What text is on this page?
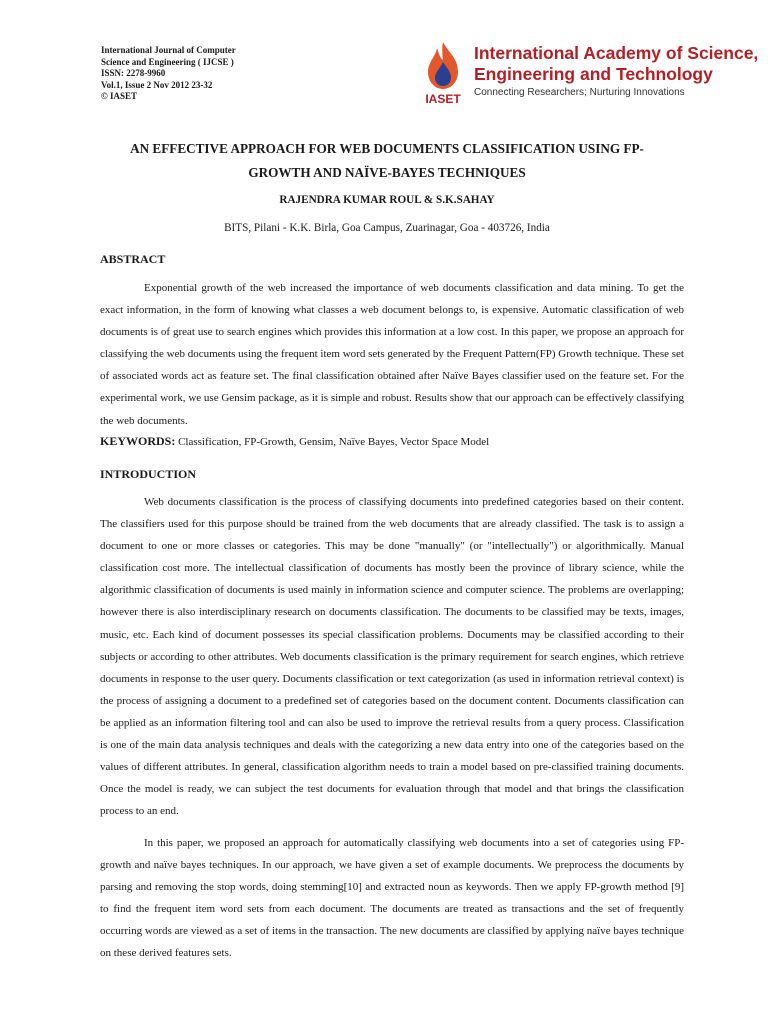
International Journal of Computer
Science and Engineering ( IJCSE )
ISSN: 2278-9960
Vol.1, Issue 2 Nov 2012 23-32
© IASET	IASET
International Academy of Science,
Engineering and Technology
Connecting Researchers; Nurturing Innovations
AN EFFECTIVE APPROACH FOR WEB DOCUMENTS CLASSIFICATION USING FP-GROWTH AND NAÏVE-BAYES TECHNIQUES
RAJENDRA KUMAR ROUL & S.K.SAHAY
BITS, Pilani - K.K. Birla, Goa Campus, Zuarinagar, Goa - 403726, India
ABSTRACT
Exponential growth of the web increased the importance of web documents classification and data mining. To get the exact information, in the form of knowing what classes a web document belongs to, is expensive. Automatic classification of web documents is of great use to search engines which provides this information at a low cost. In this paper, we propose an approach for classifying the web documents using the frequent item word sets generated by the Frequent Pattern(FP) Growth technique. These set of associated words act as feature set. The final classification obtained after Naïve Bayes classifier used on the feature set. For the experimental work, we use Gensim package, as it is simple and robust. Results show that our approach can be effectively classifying the web documents.
KEYWORDS: Classification, FP-Growth, Gensim, Naïve Bayes, Vector Space Model
INTRODUCTION
Web documents classification is the process of classifying documents into predefined categories based on their content. The classifiers used for this purpose should be trained from the web documents that are already classified. The task is to assign a document to one or more classes or categories. This may be done "manually" (or "intellectually") or algorithmically. Manual classification cost more. The intellectual classification of documents has mostly been the province of library science, while the algorithmic classification of documents is used mainly in information science and computer science. The problems are overlapping; however there is also interdisciplinary research on documents classification. The documents to be classified may be texts, images, music, etc. Each kind of document possesses its special classification problems. Documents may be classified according to their subjects or according to other attributes. Web documents classification is the primary requirement for search engines, which retrieve documents in response to the user query. Documents classification or text categorization (as used in information retrieval context) is the process of assigning a document to a predefined set of categories based on the document content. Documents classification can be applied as an information filtering tool and can also be used to improve the retrieval results from a query process. Classification is one of the main data analysis techniques and deals with the categorizing a new data entry into one of the categories based on the values of different attributes. In general, classification algorithm needs to train a model based on pre-classified training documents. Once the model is ready, we can subject the test documents for evaluation through that model and that brings the classification process to an end.
In this paper, we proposed an approach for automatically classifying web documents into a set of categories using FP-growth and naïve bayes techniques. In our approach, we have given a set of example documents. We preprocess the documents by parsing and removing the stop words, doing stemming[10] and extracted noun as keywords. Then we apply FP-growth method [9] to find the frequent item word sets from each document. The documents are treated as transactions and the set of frequently occurring words are viewed as a set of items in the transaction. The new documents are classified by applying naïve bayes technique on these derived features sets.
